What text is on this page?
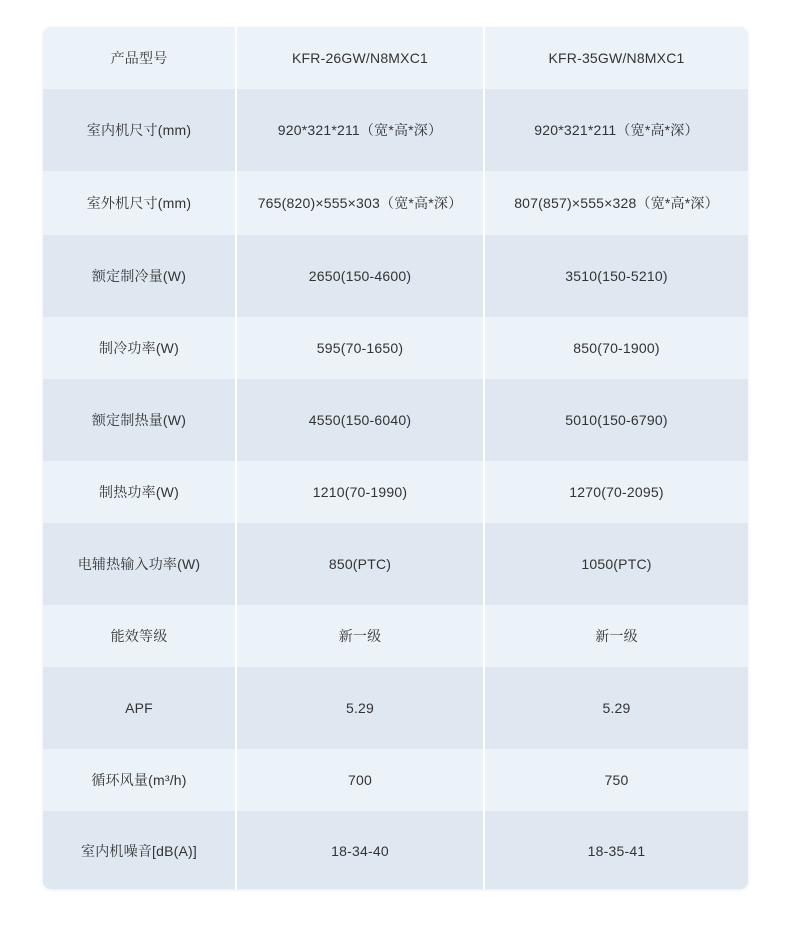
产品型号	KFR-26GW/N8MXC1	KFR-35GW/N8MXC1
室内机尺寸(mm)	920*321*211（宽*高*深）	920*321*211（宽*高*深）
室外机尺寸(mm)	765(820)×555×303（宽*高*深）	807(857)×555×328（宽*高*深）
额定制冷量(W)	2650(150-4600)	3510(150-5210)
制冷功率(W)	595(70-1650)	850(70-1900)
额定制热量(W)	4550(150-6040)	5010(150-6790)
制热功率(W)	1210(70-1990)	1270(70-2095)
电辅热输入功率(W)	850(PTC)	1050(PTC)
能效等级	新一级	新一级
APF	5.29	5.29
循环风量(m³/h)	700	750
室内机噪音[dB(A)]	18-34-40	18-35-41
